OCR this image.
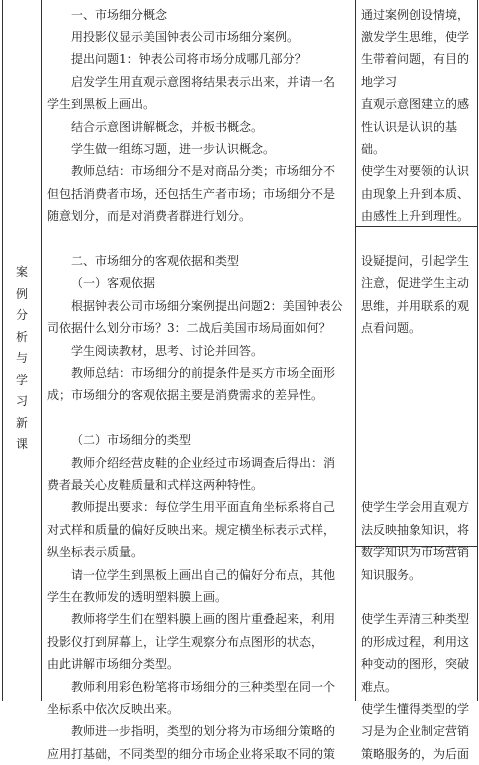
案
例
分
析
与
学
习
新
课
一、市场细分概念
用投影仪显示美国钟表公司市场细分案例。
提出问题1：钟表公司将市场分成哪几部分？
启发学生用直观示意图将结果表示出来，并请一名
学生到黑板上画出。
结合示意图讲解概念，并板书概念。
学生做一组练习题，进一步认识概念。
教师总结：市场细分不是对商品分类；市场细分不
但包括消费者市场，还包括生产者市场；市场细分不是
随意划分，而是对消费者群进行划分。
二、市场细分的客观依据和类型
（一）客观依据
根据钟表公司市场细分案例提出问题2：美国钟表公
司依据什么划分市场？3：二战后美国市场局面如何？
学生阅读教材，思考、讨论并回答。
教师总结：市场细分的前提条件是买方市场全面形
成；市场细分的客观依据主要是消费需求的差异性。
（二）市场细分的类型
教师介绍经营皮鞋的企业经过市场调查后得出：消
费者最关心皮鞋质量和式样这两种特性。
教师提出要求：每位学生用平面直角坐标系将自己
对式样和质量的偏好反映出来。规定横坐标表示式样，
纵坐标表示质量。
请一位学生到黑板上画出自己的偏好分布点，其他
学生在教师发的透明塑料膜上画。
教师将学生们在塑料膜上画的图片重叠起来，利用
投影仪打到屏幕上，让学生观察分布点图形的状态，
由此讲解市场细分类型。
教师利用彩色粉笔将市场细分的三种类型在同一个
坐标系中依次反映出来。
教师进一步指明，类型的划分将为市场细分策略的
应用打基础，不同类型的细分市场企业将采取不同的策
通过案例创设情境，
激发学生思维，使学
生带着问题，有目的
地学习
直观示意图建立的感
性认识是认识的基
础。
使学生对要领的认识
由现象上升到本质、
由感性上升到理性。
设疑提问，引起学生
注意，促进学生主动
思维，并用联系的观
点看问题。
使学生学会用直观方
法反映抽象知识，将
数学知识为市场营销
知识服务。
使学生弄清三种类型
的形成过程，利用这
种变动的图形，突破
难点。
使学生懂得类型的学
习是为企业制定营销
策略服务的，为后面
